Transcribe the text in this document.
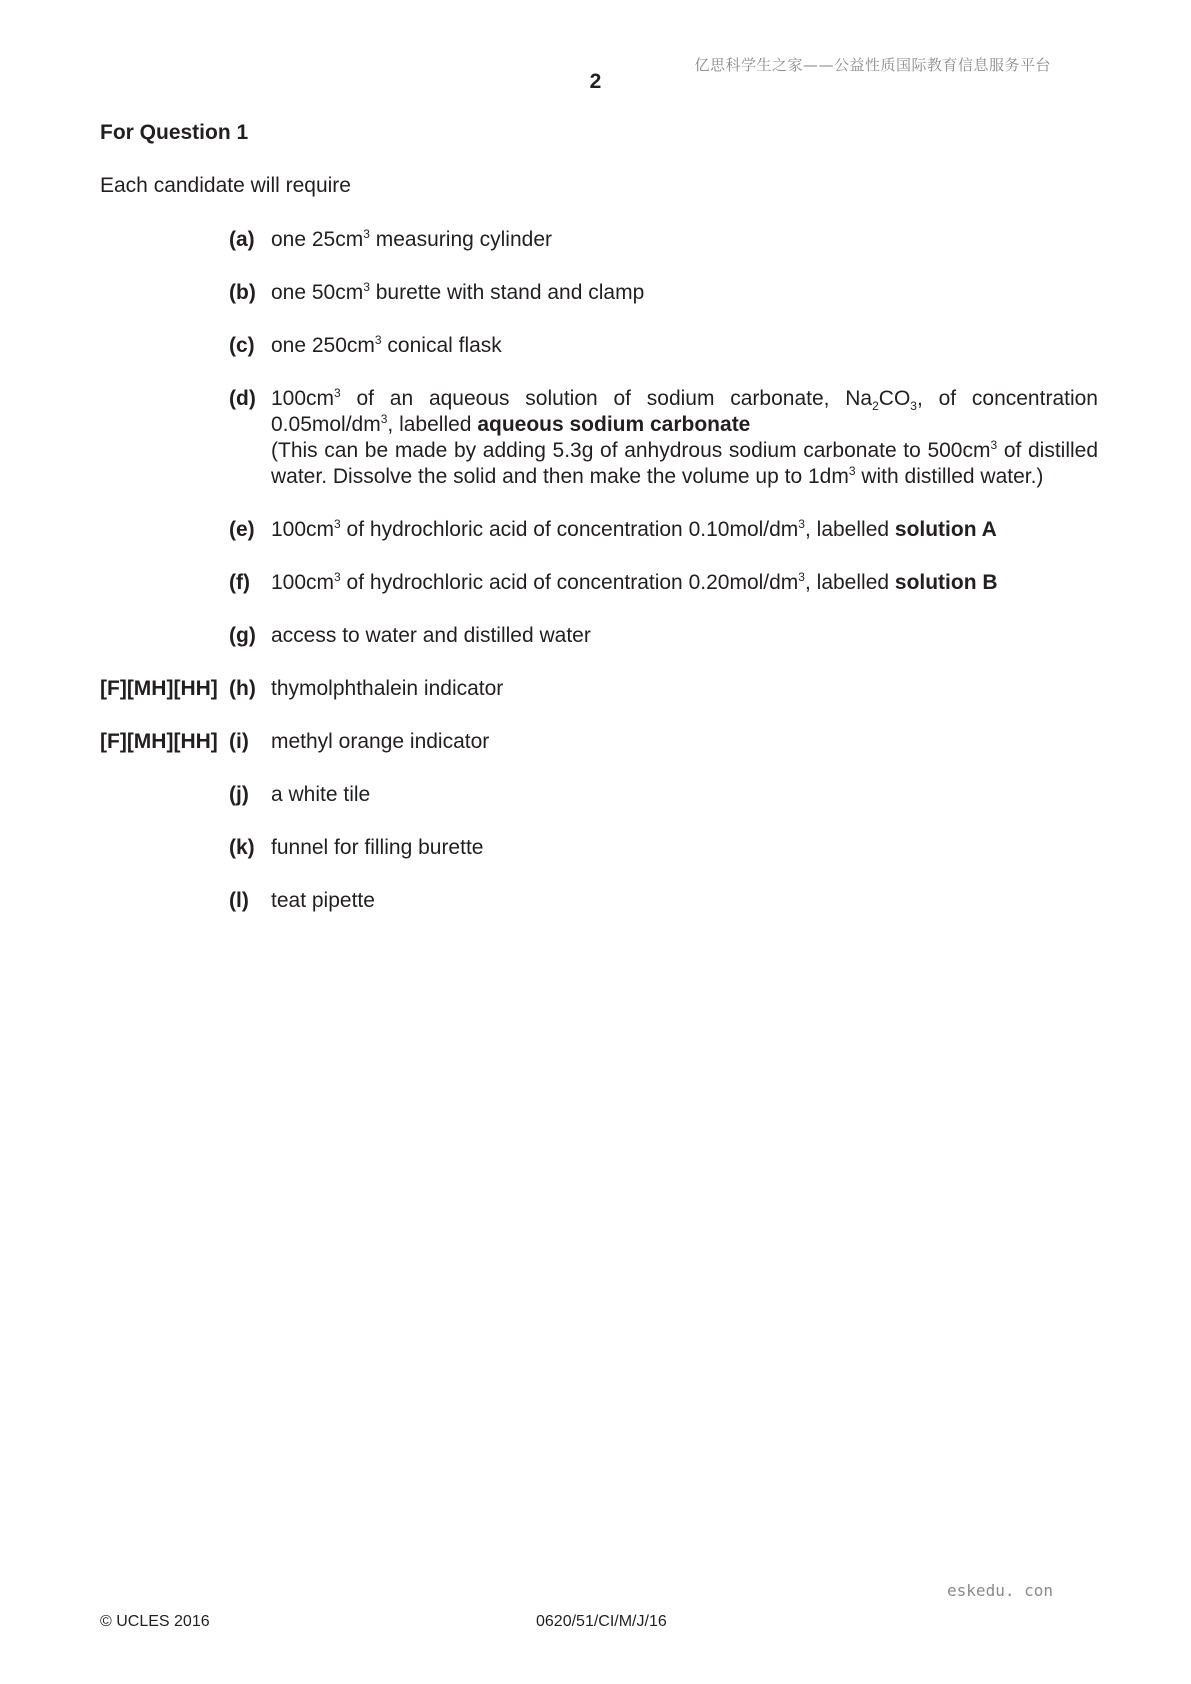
亿思科学生之家——公益性质国际教育信息服务平台
2
For Question 1
Each candidate will require
(a) one $25cm^3$ measuring cylinder
(b) one $50cm^3$ burette with stand and clamp
(c) one $250cm^3$ conical flask
(d) $100cm^3$ of an aqueous solution of sodium carbonate, $Na_2CO_3$, of concentration $0.05mol/dm^3$, labelled aqueous sodium carbonate
(This can be made by adding 5.3g of anhydrous sodium carbonate to $500cm^3$ of distilled water. Dissolve the solid and then make the volume up to $1dm^3$ with distilled water.)
(e) $100cm^3$ of hydrochloric acid of concentration $0.10mol/dm^3$, labelled solution A
(f)	$100cm^3$ of hydrochloric acid of concentration $0.20mol/dm^3$, labelled solution B
(g) access to water and distilled water
[F][MH][HH] (h) thymolphthalein indicator
[F][MH][HH] (i)	methyl orange indicator
(j)	a white tile
(k) funnel for filling burette
(l)	teat pipette
eskedu. con
© UCLES 2016	0620/51/CI/M/J/16
